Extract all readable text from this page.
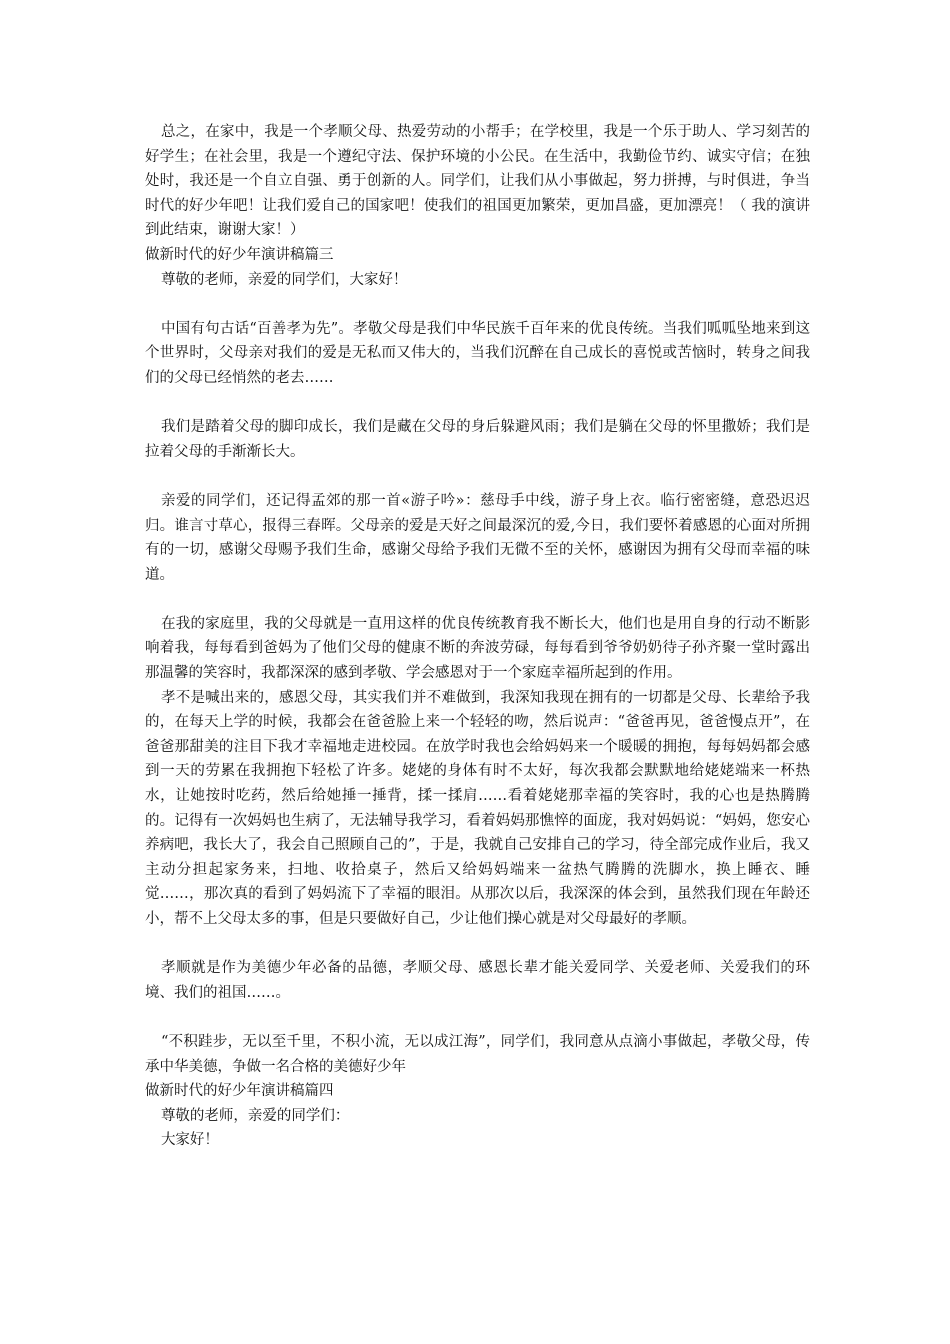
总之，在家中，我是一个孝顺父母、热爱劳动的小帮手；在学校里，我是一个乐于助人、学习刻苦的好学生；在社会里，我是一个遵纪守法、保护环境的小公民。在生活中，我勤俭节约、诚实守信；在独处时，我还是一个自立自强、勇于创新的人。同学们，让我们从小事做起，努力拼搏，与时俱进，争当时代的好少年吧！让我们爱自己的国家吧！使我们的祖国更加繁荣，更加昌盛，更加漂亮！（ 我的演讲到此结束，谢谢大家！）

做新时代的好少年演讲稿篇三

尊敬的老师，亲爱的同学们，大家好！

中国有句古话“百善孝为先”。孝敬父母是我们中华民族千百年来的优良传统。当我们呱呱坠地来到这个世界时，父母亲对我们的爱是无私而又伟大的，当我们沉醉在自己成长的喜悦或苦恼时，转身之间我们的父母已经悄然的老去……

我们是踏着父母的脚印成长，我们是藏在父母的身后躲避风雨；我们是躺在父母的怀里撒娇；我们是拉着父母的手渐渐长大。

亲爱的同学们，还记得孟郊的那一首«游子吟»：慈母手中线，游子身上衣。临行密密缝，意恐迟迟归。谁言寸草心，报得三春晖。父母亲的爱是天好之间最深沉的爱,今日，我们要怀着感恩的心面对所拥有的一切，感谢父母赐予我们生命，感谢父母给予我们无微不至的关怀，感谢因为拥有父母而幸福的味道。

在我的家庭里，我的父母就是一直用这样的优良传统教育我不断长大，他们也是用自身的行动不断影响着我，每每看到爸妈为了他们父母的健康不断的奔波劳碌，每每看到爷爷奶奶待子孙齐聚一堂时露出那温馨的笑容时，我都深深的感到孝敬、学会感恩对于一个家庭幸福所起到的作用。

孝不是喊出来的，感恩父母，其实我们并不难做到，我深知我现在拥有的一切都是父母、长辈给予我的，在每天上学的时候，我都会在爸爸脸上来一个轻轻的吻，然后说声：“爸爸再见，爸爸慢点开”，在爸爸那甜美的注目下我才幸福地走进校园。在放学时我也会给妈妈来一个暖暖的拥抱，每每妈妈都会感到一天的劳累在我拥抱下轻松了许多。姥姥的身体有时不太好，每次我都会默默地给姥姥端来一杯热水，让她按时吃药，然后给她捶一捶背，揉一揉肩……看着姥姥那幸福的笑容时，我的心也是热腾腾的。记得有一次妈妈也生病了，无法辅导我学习，看着妈妈那憔悴的面庞，我对妈妈说：“妈妈，您安心养病吧，我长大了，我会自己照顾自己的”，于是，我就自己安排自己的学习，待全部完成作业后，我又主动分担起家务来，扫地、收拾桌子，然后又给妈妈端来一盆热气腾腾的洗脚水，换上睡衣、睡觉……，那次真的看到了妈妈流下了幸福的眼泪。从那次以后，我深深的体会到，虽然我们现在年龄还小，帮不上父母太多的事，但是只要做好自己，少让他们操心就是对父母最好的孝顺。

孝顺就是作为美德少年必备的品德，孝顺父母、感恩长辈才能关爱同学、关爱老师、关爱我们的环境、我们的祖国……。

“不积跬步，无以至千里，不积小流，无以成江海”，同学们，我同意从点滴小事做起，孝敬父母，传承中华美德，争做一名合格的美德好少年

做新时代的好少年演讲稿篇四

尊敬的老师，亲爱的同学们：

大家好！
